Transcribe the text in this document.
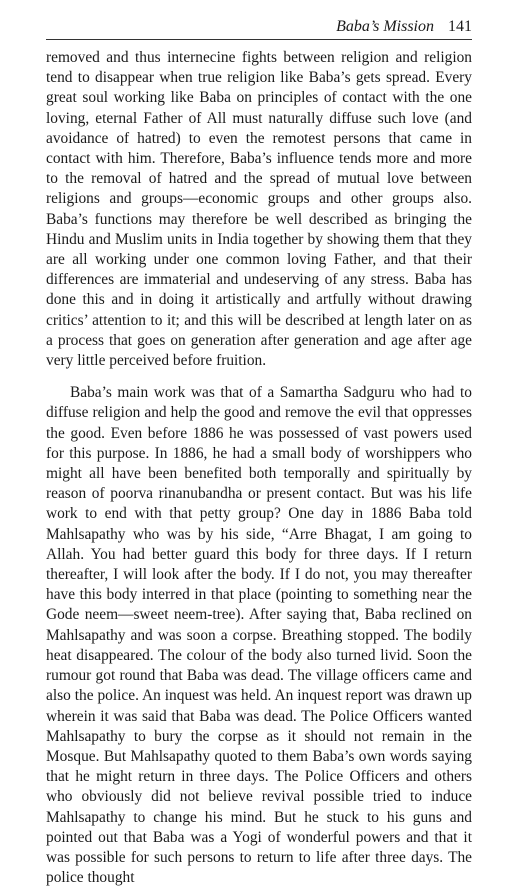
Baba’s Mission 141

removed and thus internecine fights between religion and religion tend to disappear when true religion like Baba’s gets spread. Every great soul working like Baba on principles of contact with the one loving, eternal Father of All must naturally diffuse such love (and avoidance of hatred) to even the remotest persons that came in contact with him. Therefore, Baba’s influence tends more and more to the removal of hatred and the spread of mutual love between religions and groups—economic groups and other groups also. Baba’s functions may therefore be well described as bringing the Hindu and Muslim units in India together by showing them that they are all working under one common loving Father, and that their differences are immaterial and undeserving of any stress. Baba has done this and in doing it artistically and artfully without drawing critics’ attention to it; and this will be described at length later on as a process that goes on generation after generation and age after age very little perceived before fruition.

Baba’s main work was that of a Samartha Sadguru who had to diffuse religion and help the good and remove the evil that oppresses the good. Even before 1886 he was possessed of vast powers used for this purpose. In 1886, he had a small body of worshippers who might all have been benefited both temporally and spiritually by reason of poorva rinanubandha or present contact. But was his life work to end with that petty group? One day in 1886 Baba told Mahlsapathy who was by his side, “Arre Bhagat, I am going to Allah. You had better guard this body for three days. If I return thereafter, I will look after the body. If I do not, you may thereafter have this body interred in that place (pointing to something near the Gode neem—sweet neem-tree). After saying that, Baba reclined on Mahlsapathy and was soon a corpse. Breathing stopped. The bodily heat disappeared. The colour of the body also turned livid. Soon the rumour got round that Baba was dead. The village officers came and also the police. An inquest was held. An inquest report was drawn up wherein it was said that Baba was dead. The Police Officers wanted Mahlsapathy to bury the corpse as it should not remain in the Mosque. But Mahlsapathy quoted to them Baba’s own words saying that he might return in three days. The Police Officers and others who obviously did not believe revival possible tried to induce Mahlsapathy to change his mind. But he stuck to his guns and pointed out that Baba was a Yogi of wonderful powers and that it was possible for such persons to return to life after three days. The police thought
